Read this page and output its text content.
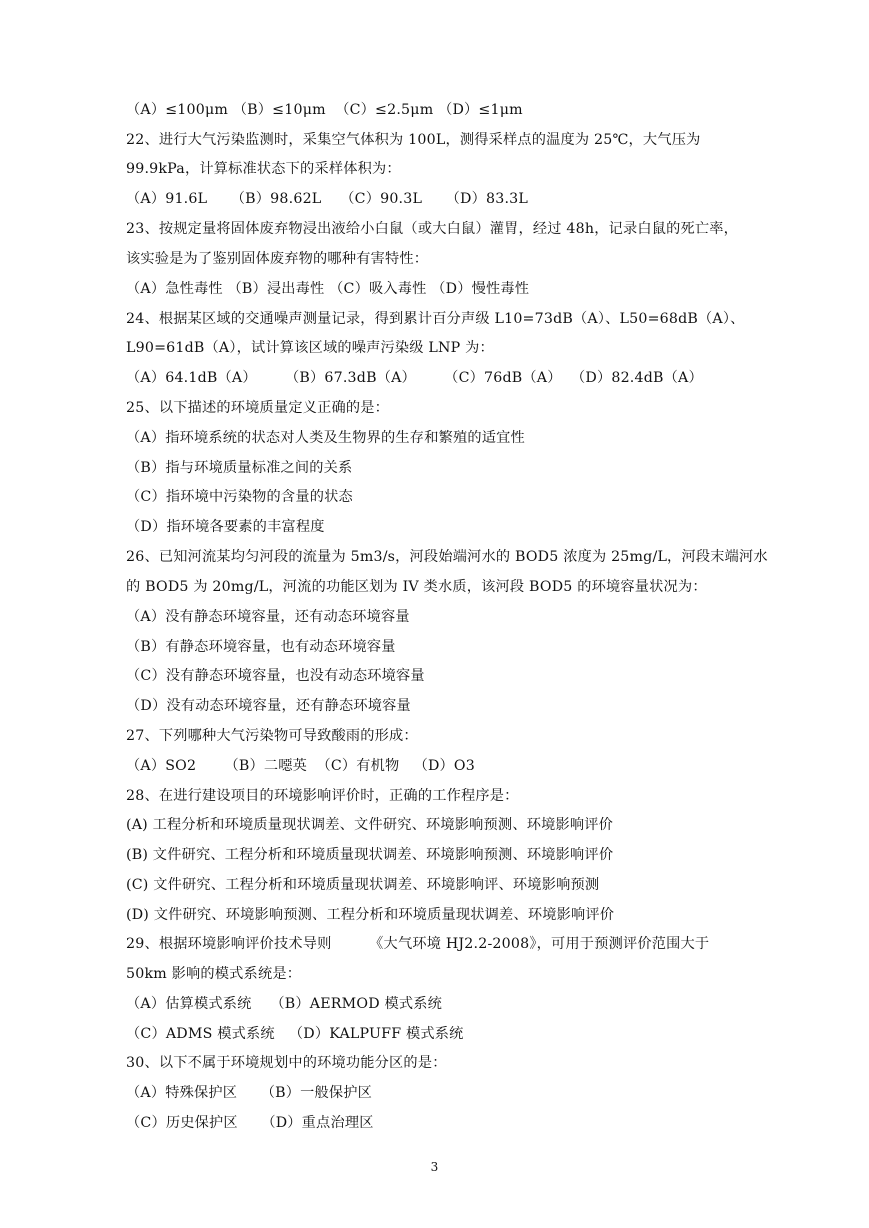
（A）≤100μm （B）≤10μm  （C）≤2.5μm （D）≤1μm
22、进行大气污染监测时，采集空气体积为 100L，测得采样点的温度为 25℃，大气压为
99.9kPa，计算标准状态下的采样体积为：
（A）91.6L     （B）98.62L    （C）90.3L     （D）83.3L
23、按规定量将固体废弃物浸出液给小白鼠（或大白鼠）灌胃，经过 48h，记录白鼠的死亡率，
该实验是为了鉴别固体废弃物的哪种有害特性：
（A）急性毒性 （B）浸出毒性 （C）吸入毒性 （D）慢性毒性
24、根据某区域的交通噪声测量记录，得到累计百分声级 L10=73dB（A）、L50=68dB（A）、
L90=61dB（A），试计算该区域的噪声污染级 LNP 为：
（A）64.1dB（A）      （B）67.3dB（A）      （C）76dB（A）  （D）82.4dB（A）
25、以下描述的环境质量定义正确的是：
（A）指环境系统的状态对人类及生物界的生存和繁殖的适宜性
（B）指与环境质量标准之间的关系
（C）指环境中污染物的含量的状态
（D）指环境各要素的丰富程度
26、已知河流某均匀河段的流量为 5m3/s，河段始端河水的 BOD5 浓度为 25mg/L，河段末端河水
的 BOD5 为 20mg/L，河流的功能区划为 IV 类水质，该河段 BOD5 的环境容量状况为：
（A）没有静态环境容量，还有动态环境容量
（B）有静态环境容量，也有动态环境容量
（C）没有静态环境容量，也没有动态环境容量
（D）没有动态环境容量，还有静态环境容量
27、下列哪种大气污染物可导致酸雨的形成：
（A）SO2      （B）二噁英  （C）有机物   （D）O3
28、在进行建设项目的环境影响评价时，正确的工作程序是：
(A) 工程分析和环境质量现状调差、文件研究、环境影响预测、环境影响评价
(B) 文件研究、工程分析和环境质量现状调差、环境影响预测、环境影响评价
(C) 文件研究、工程分析和环境质量现状调差、环境影响评、环境影响预测
(D) 文件研究、环境影响预测、工程分析和环境质量现状调差、环境影响评价
29、根据环境影响评价技术导则        《大气环境 HJ2.2-2008》，可用于预测评价范围大于
50km 影响的模式系统是：
（A）估算模式系统    （B）AERMOD 模式系统
（C）ADMS 模式系统   （D）KALPUFF 模式系统
30、以下不属于环境规划中的环境功能分区的是：
（A）特殊保护区     （B）一般保护区
（C）历史保护区     （D）重点治理区
3
